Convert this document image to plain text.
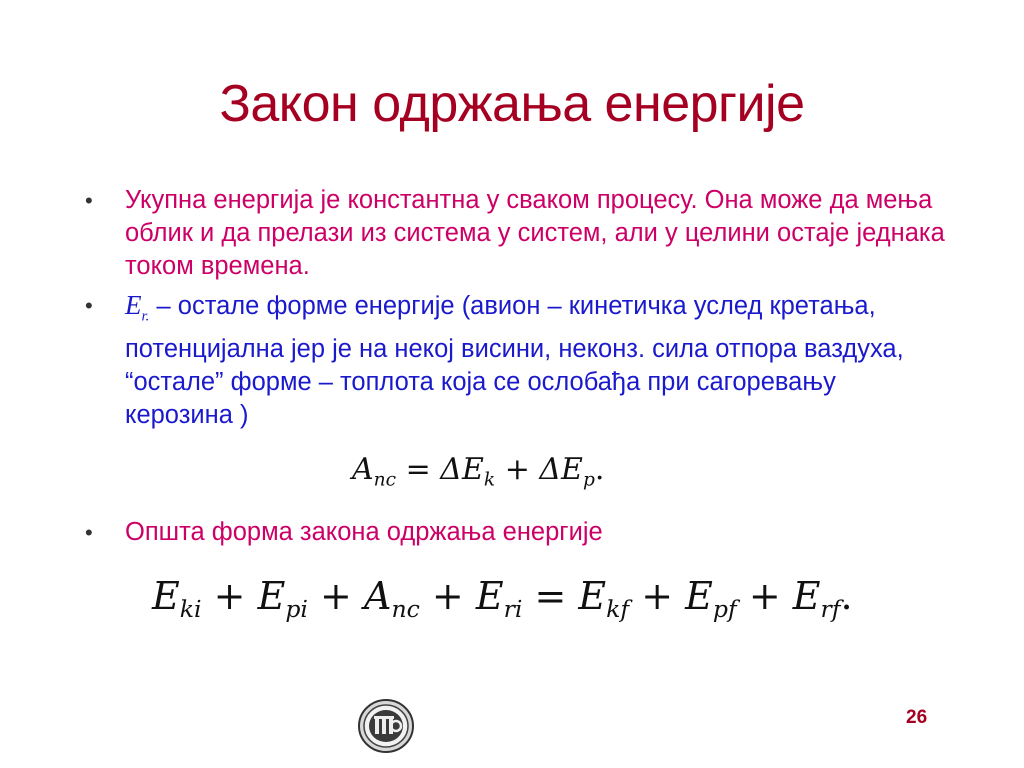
Закон одржања енергије
• Укупна енергија је константна у сваком процесу. Она може да мења облик и да прелази из система у систем, али у целини остаје једнака током времена.
• $E_{r.}$ – остале форме енергије (авион – кинетичка услед кретања, потенцијална јер је на некој висини, неконз. сила отпора ваздуха, “остале” форме – топлота која се ослобађа при сагоревању керозина )
• Општа форма закона одржања енергије
$A_{nc} = \Delta E_k + \Delta E_p$.
$E_{ki} + E_{pi} + A_{nc} + E_{ri} = E_{kf} + E_{pf} + E_{rf}$.
26
